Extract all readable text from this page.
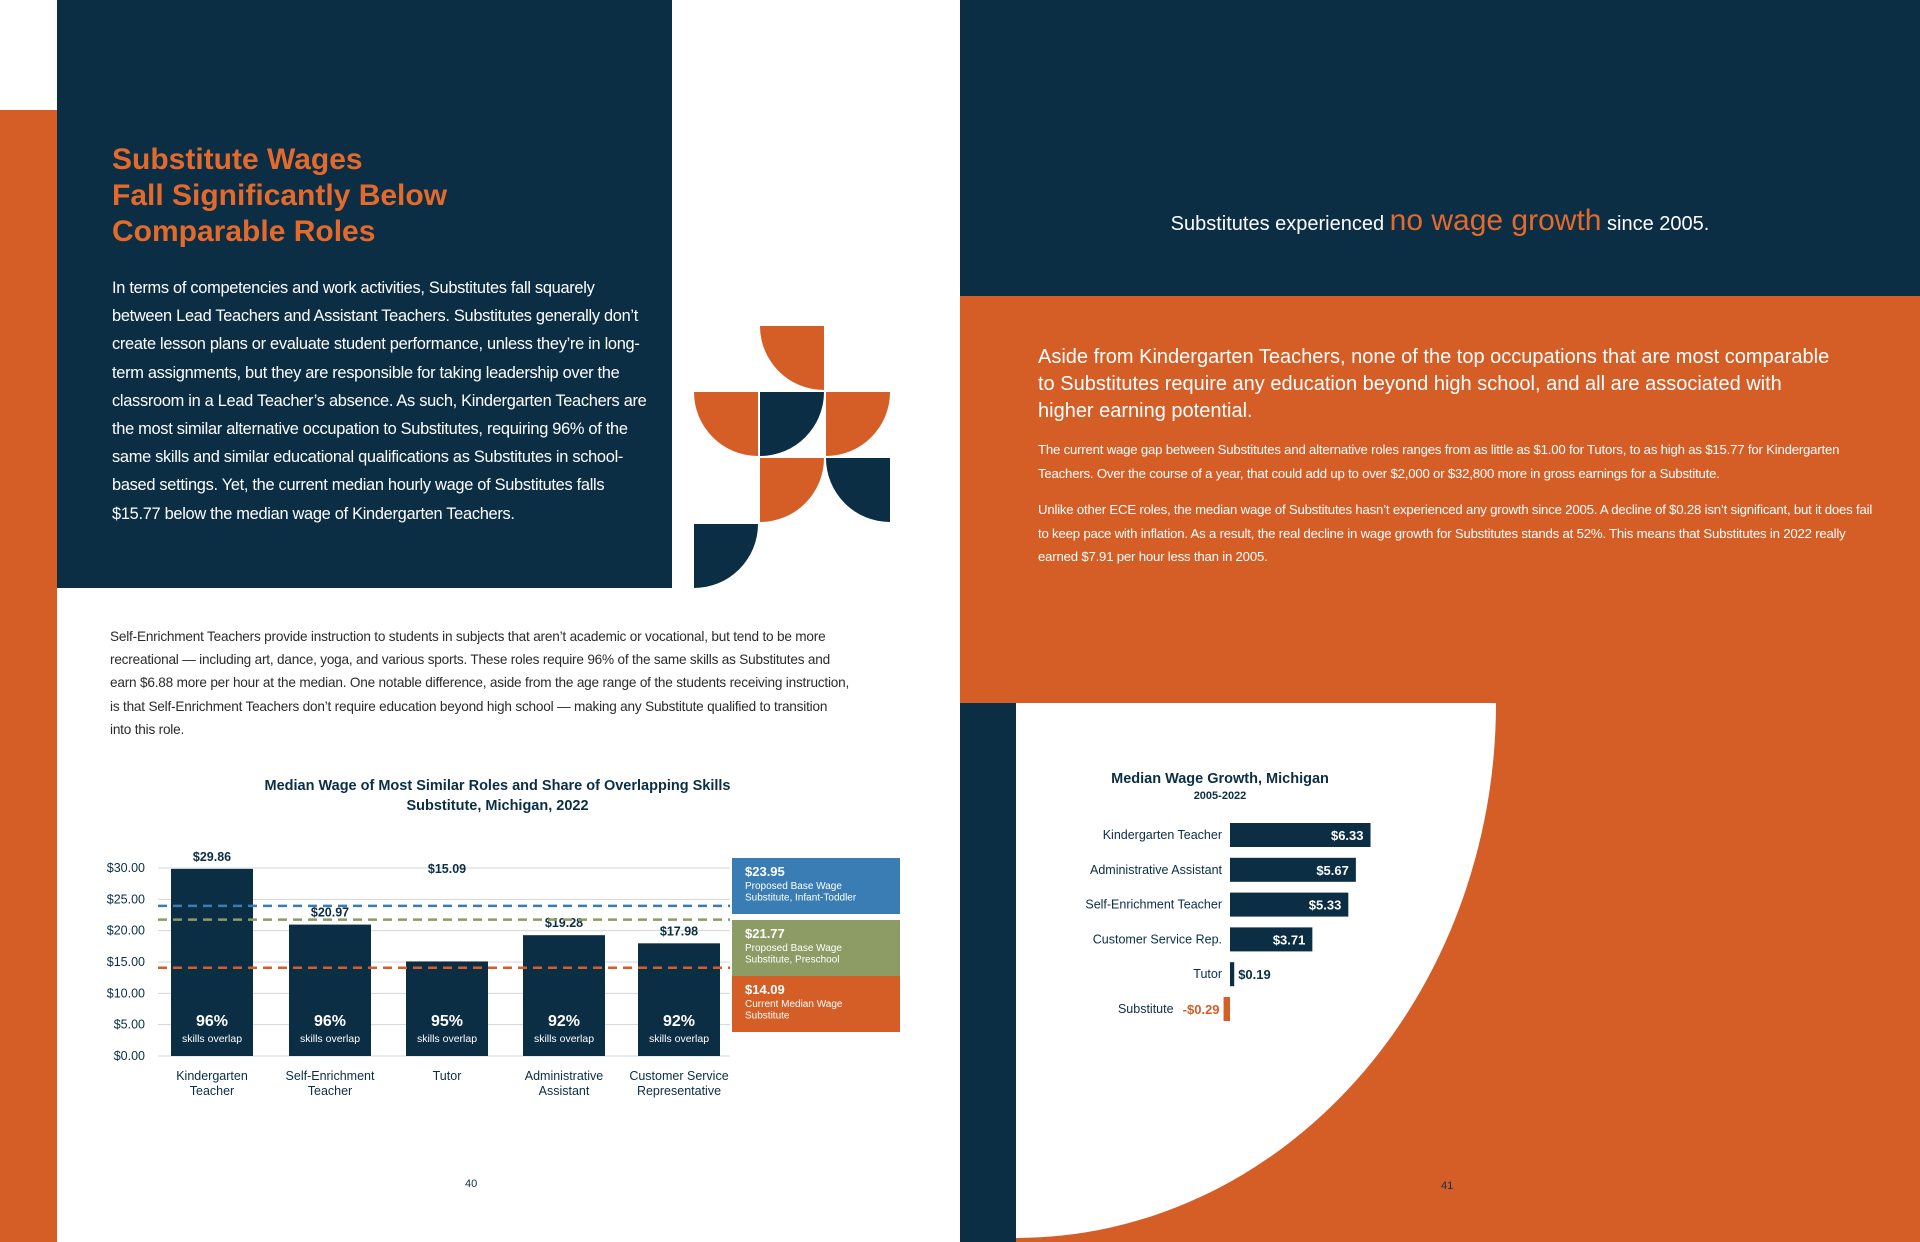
Substitute Wages
Fall Significantly Below
Comparable Roles

In terms of competencies and work activities, Substitutes fall squarely between Lead Teachers and Assistant Teachers. Substitutes generally don’t create lesson plans or evaluate student performance, unless they’re in long-term assignments, but they are responsible for taking leadership over the classroom in a Lead Teacher’s absence. As such, Kindergarten Teachers are the most similar alternative occupation to Substitutes, requiring 96% of the same skills and similar educational qualifications as Substitutes in school-based settings. Yet, the current median hourly wage of Substitutes falls $15.77 below the median wage of Kindergarten Teachers.

Self-Enrichment Teachers provide instruction to students in subjects that aren’t academic or vocational, but tend to be more recreational — including art, dance, yoga, and various sports. These roles require 96% of the same skills as Substitutes and earn $6.88 more per hour at the median. One notable difference, aside from the age range of the students receiving instruction, is that Self-Enrichment Teachers don’t require education beyond high school — making any Substitute qualified to transition into this role.

Median Wage of Most Similar Roles and Share of Overlapping Skills
Substitute, Michigan, 2022
$0.00
$5.00
$10.00
$15.00
$20.00
$25.00
$30.00
$29.86
96%
skills overlap
Kindergarten
Teacher
$20.97
96%
skills overlap
Self-Enrichment
Teacher
$15.09
95%
skills overlap
Tutor
$19.28
92%
skills overlap
Administrative
Assistant
$17.98
92%
skills overlap
Customer Service
Representative
$23.95
Proposed Base Wage
Substitute, Infant-Toddler
$21.77
Proposed Base Wage
Substitute, Preschool
$14.09
Current Median Wage
Substitute
40
Substitutes experienced no wage growth since 2005.

Aside from Kindergarten Teachers, none of the top occupations that are most comparable to Substitutes require any education beyond high school, and all are associated with higher earning potential.

The current wage gap between Substitutes and alternative roles ranges from as little as $1.00 for Tutors, to as high as $15.77 for Kindergarten Teachers. Over the course of a year, that could add up to over $2,000 or $32,800 more in gross earnings for a Substitute.

Unlike other ECE roles, the median wage of Substitutes hasn’t experienced any growth since 2005. A decline of $0.28 isn’t significant, but it does fail to keep pace with inflation. As a result, the real decline in wage growth for Substitutes stands at 52%. This means that Substitutes in 2022 really earned $7.91 per hour less than in 2005.

Median Wage Growth, Michigan
2005-2022
Kindergarten Teacher	$6.33
Administrative Assistant	$5.67
Self-Enrichment Teacher	$5.33
Customer Service Rep.	$3.71
Tutor $0.19
Substitute -$0.29
41
